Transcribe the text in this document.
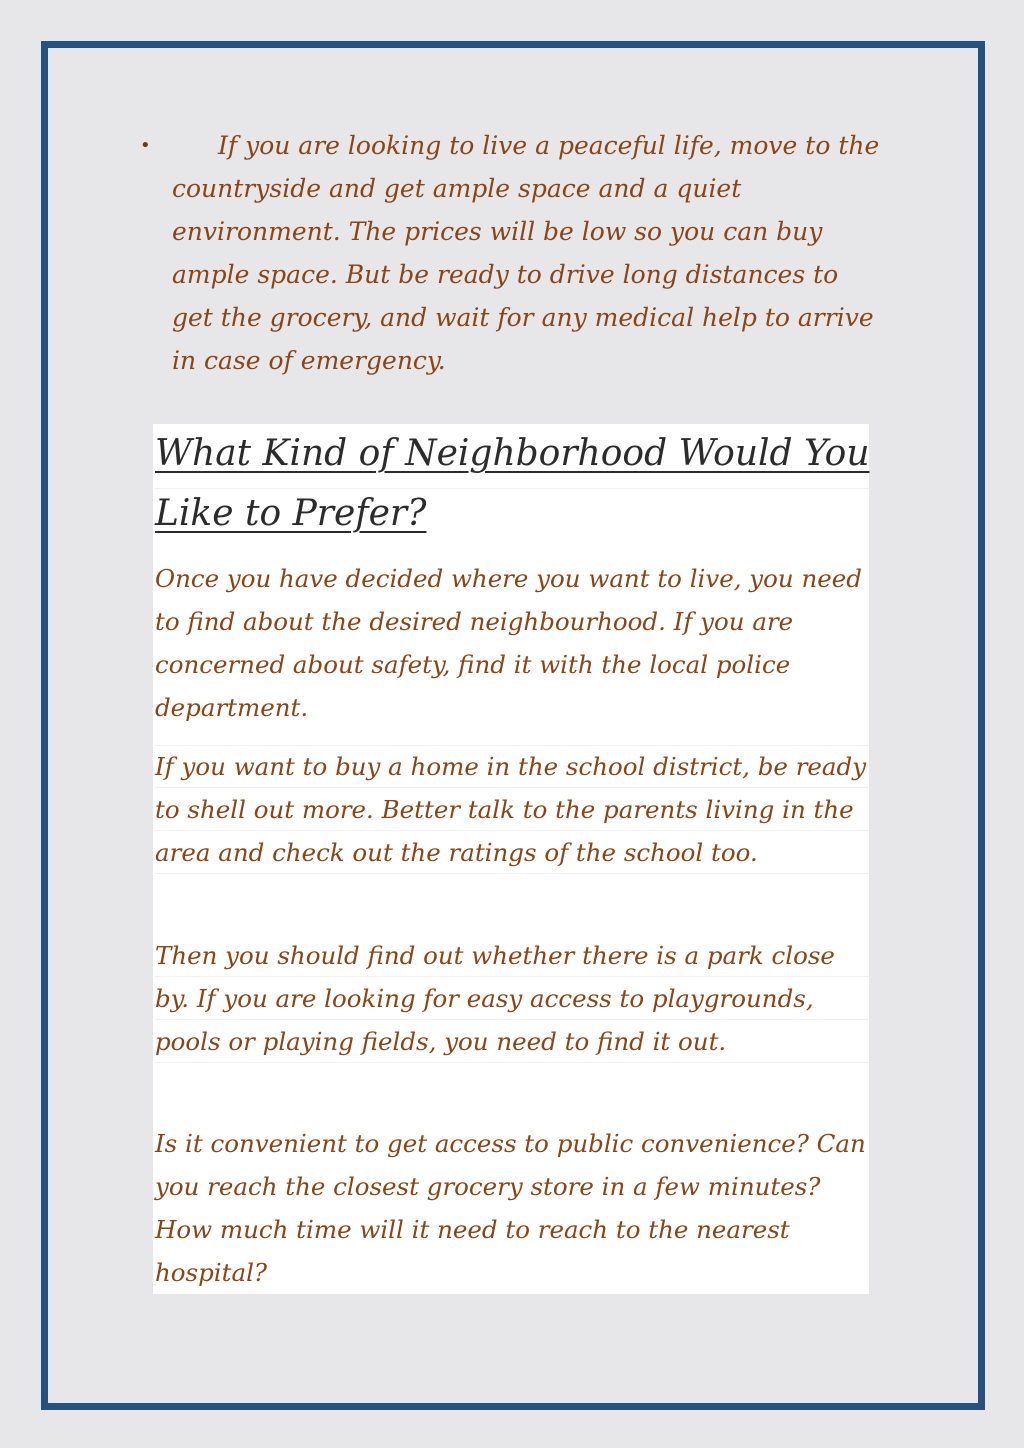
•	If you are looking to live a peaceful life, move to the countryside and get ample space and a quiet environment. The prices will be low so you can buy ample space. But be ready to drive long distances to get the grocery, and wait for any medical help to arrive in case of emergency.
What Kind of Neighborhood Would You Like to Prefer?

Once you have decided where you want to live, you need to find about the desired neighbourhood. If you are concerned about safety, find it with the local police department.

If you want to buy a home in the school district, be ready to shell out more. Better talk to the parents living in the area and check out the ratings of the school too.

Then you should find out whether there is a park close by. If you are looking for easy access to playgrounds, pools or playing fields, you need to find it out.

Is it convenient to get access to public convenience? Can you reach the closest grocery store in a few minutes? How much time will it need to reach to the nearest hospital?
